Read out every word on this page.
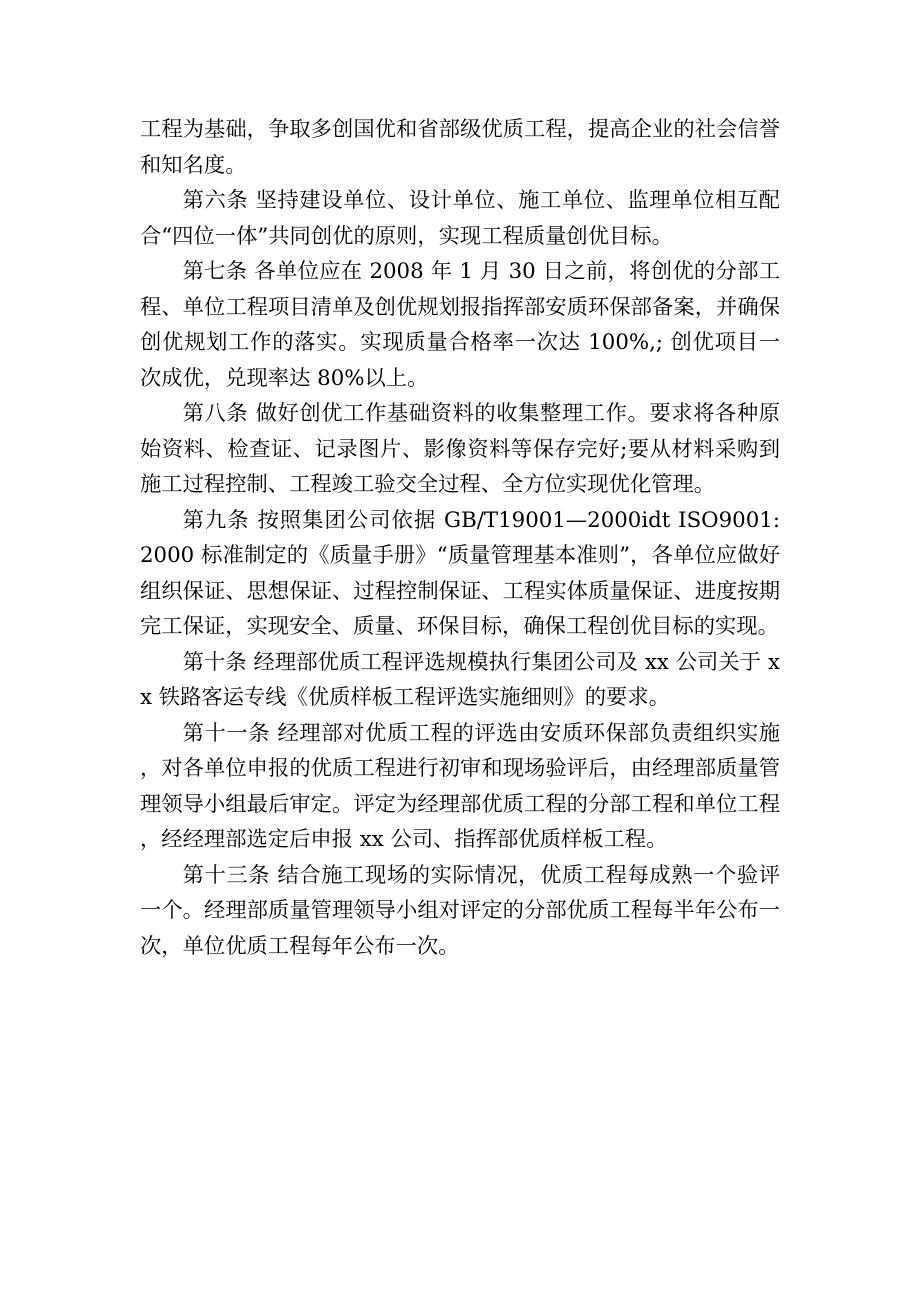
工程为基础，争取多创国优和省部级优质工程，提高企业的社会信誉和知名度。

第六条 坚持建设单位、设计单位、施工单位、监理单位相互配合“四位一体”共同创优的原则，实现工程质量创优目标。

第七条 各单位应在 2008 年 1 月 30 日之前，将创优的分部工程、单位工程项目清单及创优规划报指挥部安质环保部备案，并确保创优规划工作的落实。实现质量合格率一次达 100%,; 创优项目一次成优，兑现率达 80%以上。

第八条 做好创优工作基础资料的收集整理工作。要求将各种原始资料、检查证、记录图片、影像资料等保存完好;要从材料采购到施工过程控制、工程竣工验交全过程、全方位实现优化管理。

第九条 按照集团公司依据 GB/T19001—2000idt ISO9001: 2000 标准制定的《质量手册》“质量管理基本准则”，各单位应做好组织保证、思想保证、过程控制保证、工程实体质量保证、进度按期完工保证，实现安全、质量、环保目标，确保工程创优目标的实现。

第十条 经理部优质工程评选规模执行集团公司及 xx 公司关于 xx 铁路客运专线《优质样板工程评选实施细则》的要求。

第十一条 经理部对优质工程的评选由安质环保部负责组织实施，对各单位申报的优质工程进行初审和现场验评后，由经理部质量管理领导小组最后审定。评定为经理部优质工程的分部工程和单位工程，经经理部选定后申报 xx 公司、指挥部优质样板工程。

第十三条 结合施工现场的实际情况，优质工程每成熟一个验评一个。经理部质量管理领导小组对评定的分部优质工程每半年公布一次，单位优质工程每年公布一次。
